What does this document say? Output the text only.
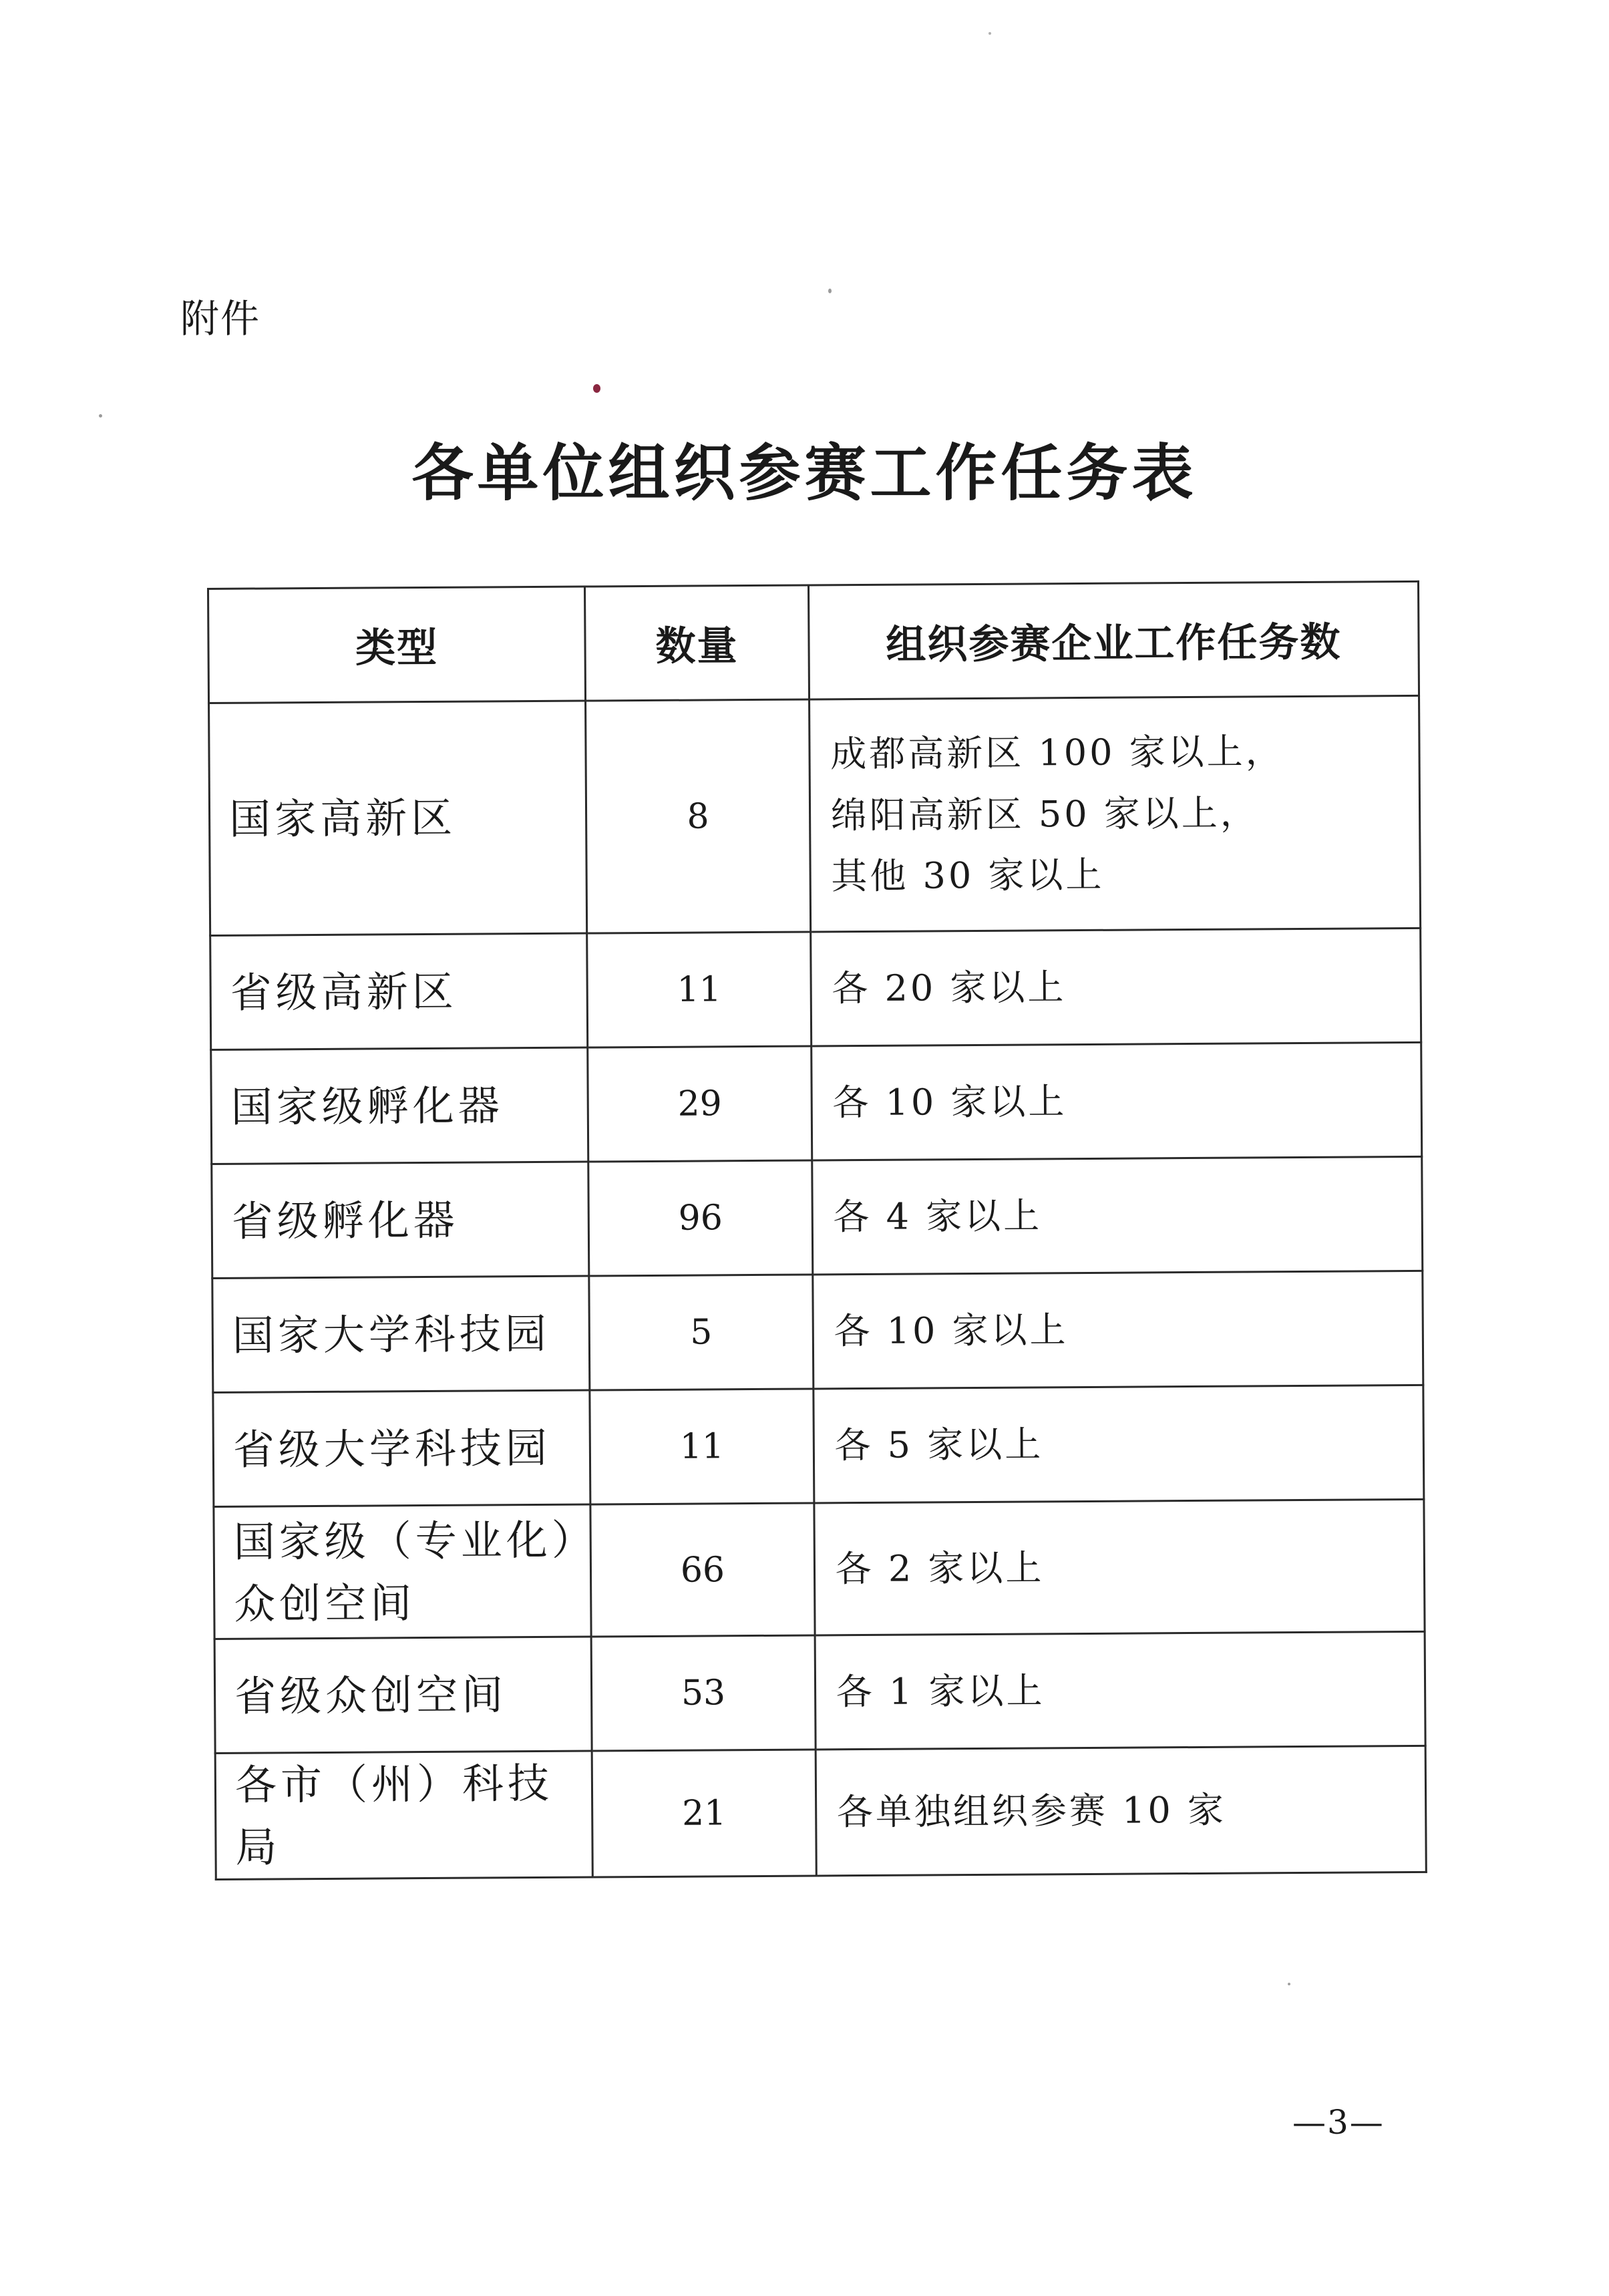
附件
各单位组织参赛工作任务表
类型	数量	组织参赛企业工作任务数
国家高新区	8	成都高新区 100 家以上，
绵阳高新区 50 家以上，
其他 30 家以上

省级高新区	11	各 20 家以上
国家级孵化器	29	各 10 家以上
省级孵化器	96	各 4 家以上
国家大学科技园	5	各 10 家以上
省级大学科技园	11	各 5 家以上
国家级（专业化）众创空间	66	各 2 家以上
省级众创空间	53	各 1 家以上
各市（州）科技局	21	各单独组织参赛 10 家
—3—
